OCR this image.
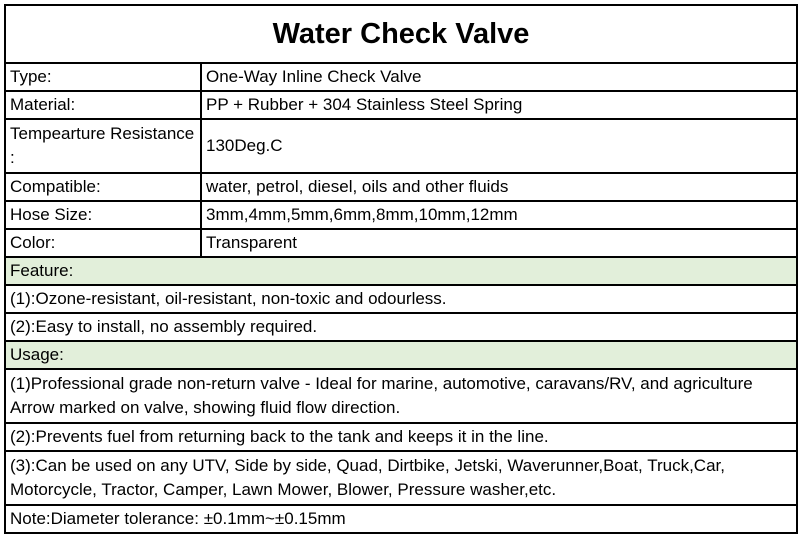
Water Check Valve	
Type:	One-Way Inline Check Valve
Material:	PP + Rubber + 304 Stainless Steel Spring
Tempearture Resistance :	130Deg.C
Compatible:	water, petrol, diesel, oils and other fluids
Hose Size:	3mm,4mm,5mm,6mm,8mm,10mm,12mm
Color:	Transparent
Feature:	
(1):Ozone-resistant, oil-resistant, non-toxic and odourless.	
(2):Easy to install, no assembly required.	
Usage:	
(1)Professional grade non-return valve - Ideal for marine, automotive, caravans/RV, and agriculture Arrow marked on valve, showing fluid flow direction.	
(2):Prevents fuel from returning back to the tank and keeps it in the line.	
(3):Can be used on any UTV, Side by side, Quad, Dirtbike, Jetski, Waverunner,Boat, Truck,Car, Motorcycle, Tractor, Camper, Lawn Mower, Blower, Pressure washer,etc.	
Note:Diameter tolerance: ±0.1mm~±0.15mm	
